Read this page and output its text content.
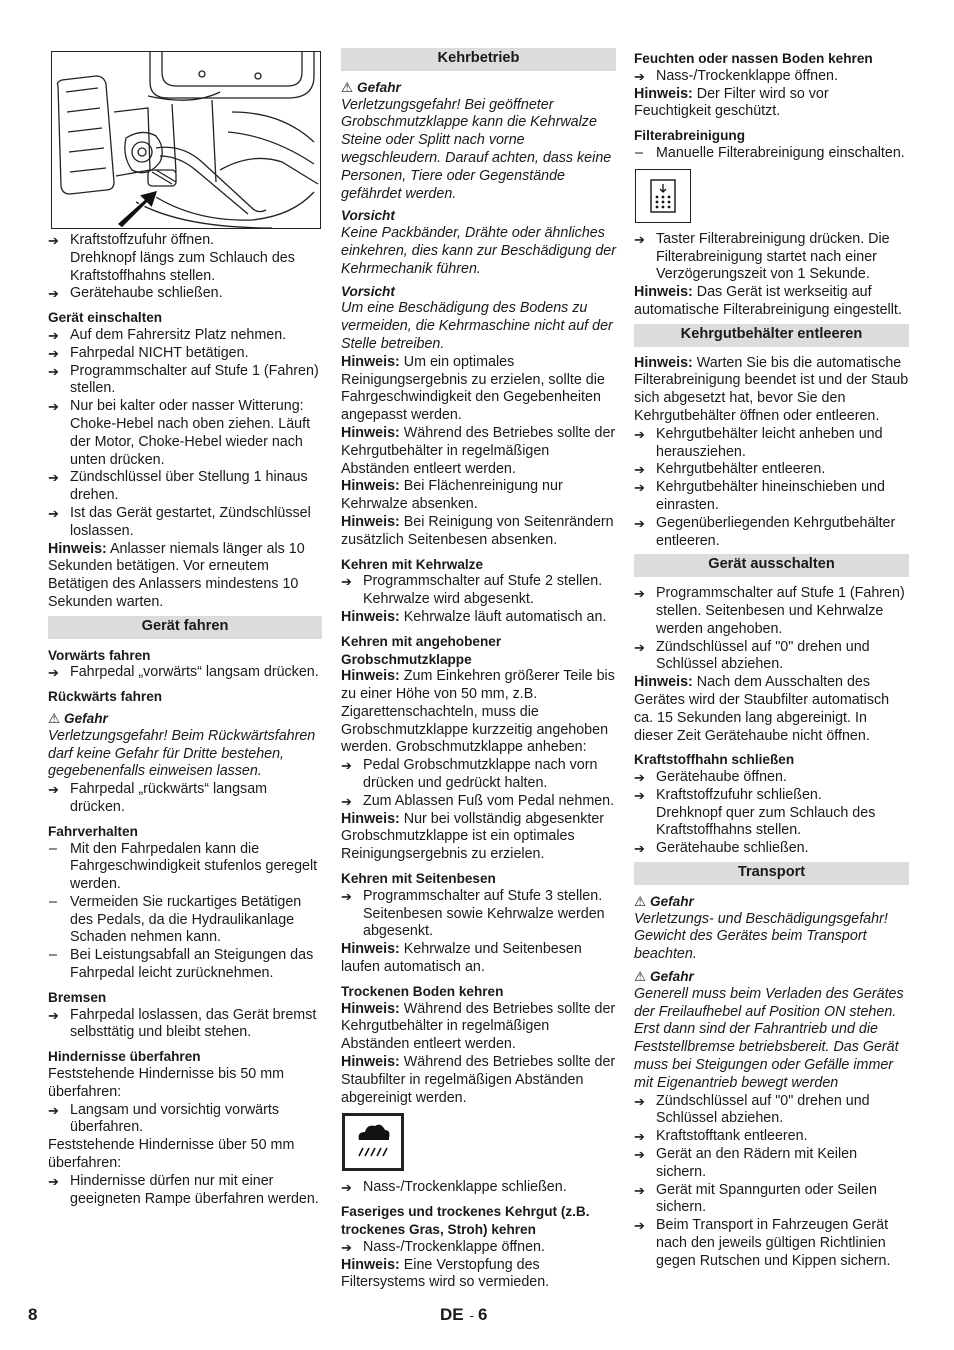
➔ Kraftstoffzufuhr öffnen.
Drehknopf längs zum Schlauch des Kraftstoffhahns stellen.
➔ Gerätehaube schließen.
Gerät einschalten
➔ Auf dem Fahrersitz Platz nehmen.
➔ Fahrpedal NICHT betätigen.
➔ Programmschalter auf Stufe 1 (Fahren) stellen.
➔ Nur bei kalter oder nasser Witterung: Choke-Hebel nach oben ziehen. Läuft der Motor, Choke-Hebel wieder nach unten drücken.
➔ Zündschlüssel über Stellung 1 hinaus drehen.
➔ Ist das Gerät gestartet, Zündschlüssel loslassen.
Hinweis: Anlasser niemals länger als 10 Sekunden betätigen. Vor erneutem Betätigen des Anlassers mindestens 10 Sekunden warten.
Gerät fahren
Vorwärts fahren
➔ Fahrpedal „vorwärts“ langsam drücken.
Rückwärts fahren
⚠ Gefahr
Verletzungsgefahr! Beim Rückwärtsfahren darf keine Gefahr für Dritte bestehen, gegebenenfalls einweisen lassen.
➔ Fahrpedal „rückwärts“ langsam drücken.
Fahrverhalten
– Mit den Fahrpedalen kann die Fahrgeschwindigkeit stufenlos geregelt werden.
– Vermeiden Sie ruckartiges Betätigen des Pedals, da die Hydraulikanlage Schaden nehmen kann.
– Bei Leistungsabfall an Steigungen das Fahrpedal leicht zurücknehmen.
Bremsen
➔ Fahrpedal loslassen, das Gerät bremst selbsttätig und bleibt stehen.
Hindernisse überfahren
Feststehende Hindernisse bis 50 mm überfahren:
➔ Langsam und vorsichtig vorwärts überfahren.
Feststehende Hindernisse über 50 mm überfahren:
➔ Hindernisse dürfen nur mit einer geeigneten Rampe überfahren werden.
Kehrbetrieb
⚠ Gefahr
Verletzungsgefahr! Bei geöffneter Grobschmutzklappe kann die Kehrwalze Steine oder Splitt nach vorne wegschleudern. Darauf achten, dass keine Personen, Tiere oder Gegenstände gefährdet werden.
Vorsicht
Keine Packbänder, Drähte oder ähnliches einkehren, dies kann zur Beschädigung der Kehrmechanik führen.
Vorsicht
Um eine Beschädigung des Bodens zu vermeiden, die Kehrmaschine nicht auf der Stelle betreiben.
Hinweis: Um ein optimales Reinigungsergebnis zu erzielen, sollte die Fahrgeschwindigkeit den Gegebenheiten angepasst werden.
Hinweis: Während des Betriebes sollte der Kehrgutbehälter in regelmäßigen Abständen entleert werden.
Hinweis: Bei Flächenreinigung nur Kehrwalze absenken.
Hinweis: Bei Reinigung von Seitenrändern zusätzlich Seitenbesen absenken.
Kehren mit Kehrwalze
➔ Programmschalter auf Stufe 2 stellen. Kehrwalze wird abgesenkt.
Hinweis: Kehrwalze läuft automatisch an.
Kehren mit angehobener Grobschmutzklappe
Hinweis: Zum Einkehren größerer Teile bis zu einer Höhe von 50 mm, z.B. Zigarettenschachteln, muss die Grobschmutzklappe kurzzeitig angehoben werden. Grobschmutzklappe anheben:
➔ Pedal Grobschmutzklappe nach vorn drücken und gedrückt halten.
➔ Zum Ablassen Fuß vom Pedal nehmen.
Hinweis: Nur bei vollständig abgesenkter Grobschmutzklappe ist ein optimales Reinigungsergebnis zu erzielen.
Kehren mit Seitenbesen
➔ Programmschalter auf Stufe 3 stellen. Seitenbesen sowie Kehrwalze werden abgesenkt.
Hinweis: Kehrwalze und Seitenbesen laufen automatisch an.
Trockenen Boden kehren
Hinweis: Während des Betriebes sollte der Kehrgutbehälter in regelmäßigen Abständen entleert werden.
Hinweis: Während des Betriebes sollte der Staubfilter in regelmäßigen Abständen abgereinigt werden.
➔ Nass-/Trockenklappe schließen.
Faseriges und trockenes Kehrgut (z.B. trockenes Gras, Stroh) kehren
➔ Nass-/Trockenklappe öffnen.
Hinweis: Eine Verstopfung des Filtersystems wird so vermieden.
Feuchten oder nassen Boden kehren
➔ Nass-/Trockenklappe öffnen.
Hinweis: Der Filter wird so vor Feuchtigkeit geschützt.
Filterabreinigung
– Manuelle Filterabreinigung einschalten.
➔ Taster Filterabreinigung drücken. Die Filterabreinigung startet nach einer Verzögerungszeit von 1 Sekunde.
Hinweis: Das Gerät ist werkseitig auf automatische Filterabreinigung eingestellt.
Kehrgutbehälter entleeren
Hinweis: Warten Sie bis die automatische Filterabreinigung beendet ist und der Staub sich abgesetzt hat, bevor Sie den Kehrgutbehälter öffnen oder entleeren.
➔ Kehrgutbehälter leicht anheben und herausziehen.
➔ Kehrgutbehälter entleeren.
➔ Kehrgutbehälter hineinschieben und einrasten.
➔ Gegenüberliegenden Kehrgutbehälter entleeren.
Gerät ausschalten
➔ Programmschalter auf Stufe 1 (Fahren) stellen. Seitenbesen und Kehrwalze werden angehoben.
➔ Zündschlüssel auf "0" drehen und Schlüssel abziehen.
Hinweis: Nach dem Ausschalten des Gerätes wird der Staubfilter automatisch ca. 15 Sekunden lang abgereinigt. In dieser Zeit Gerätehaube nicht öffnen.
Kraftstoffhahn schließen
➔ Gerätehaube öffnen.
➔ Kraftstoffzufuhr schließen.
Drehknopf quer zum Schlauch des Kraftstoffhahns stellen.
➔ Gerätehaube schließen.
Transport
⚠ Gefahr
Verletzungs- und Beschädigungsgefahr! Gewicht des Gerätes beim Transport beachten.
⚠ Gefahr
Generell muss beim Verladen des Gerätes der Freilaufhebel auf Position ON stehen. Erst dann sind der Fahrantrieb und die Feststellbremse betriebsbereit. Das Gerät muss bei Steigungen oder Gefälle immer mit Eigenantrieb bewegt werden
➔ Zündschlüssel auf "0" drehen und Schlüssel abziehen.
➔ Kraftstofftank entleeren.
➔ Gerät an den Rädern mit Keilen sichern.
➔ Gerät mit Spanngurten oder Seilen sichern.
➔ Beim Transport in Fahrzeugen Gerät nach den jeweils gültigen Richtlinien gegen Rutschen und Kippen sichern.
8	DE - 6
